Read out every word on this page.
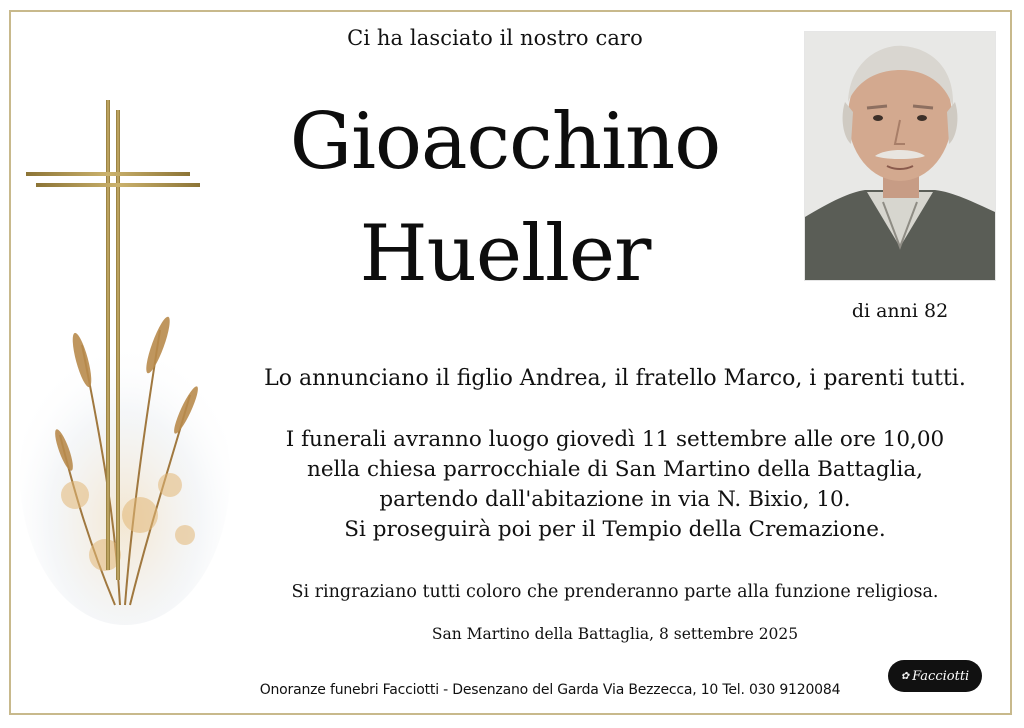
Ci ha lasciato il nostro caro
Gioacchino
Hueller
di anni 82
Lo annunciano il figlio Andrea, il fratello Marco, i parenti tutti.
I funerali avranno luogo giovedì 11 settembre alle ore 10,00
nella chiesa parrocchiale di San Martino della Battaglia,
partendo dall'abitazione in via N. Bixio, 10.
Si proseguirà poi per il Tempio della Cremazione.
Si ringraziano tutti coloro che prenderanno parte alla funzione religiosa.
San Martino della Battaglia, 8 settembre 2025
Onoranze funebri Facciotti - Desenzano del Garda Via Bezzecca, 10 Tel. 030 9120084
✿ Facciotti
